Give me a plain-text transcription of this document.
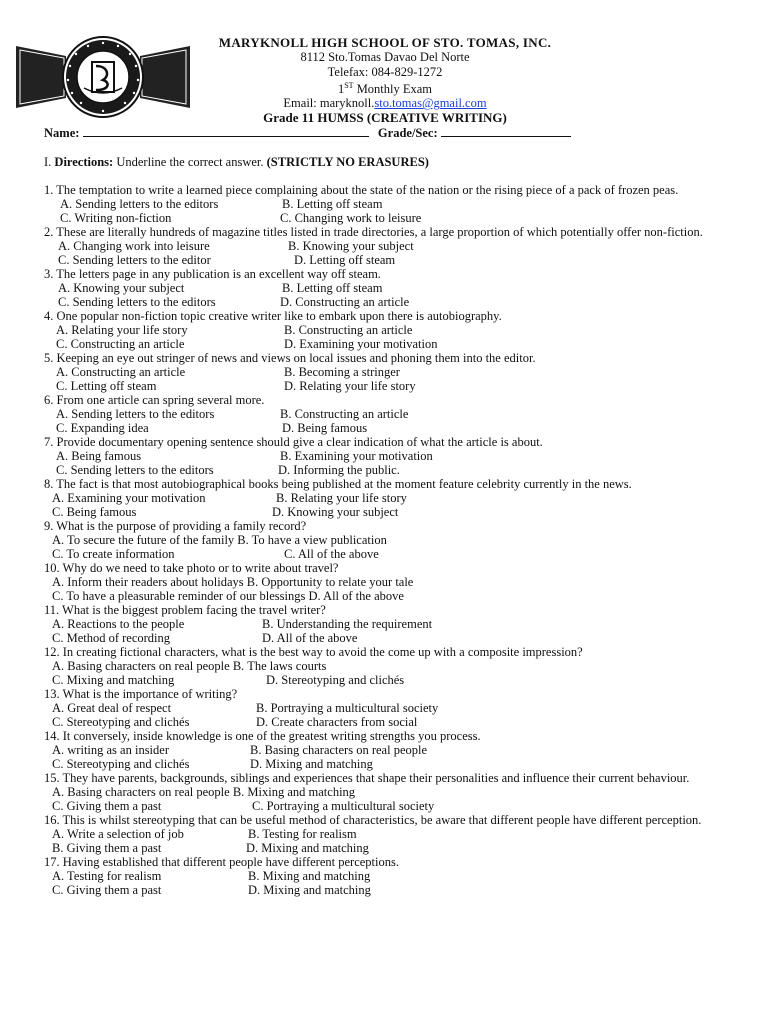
MARYKNOLL HIGH SCHOOL OF STO. TOMAS, INC.
8112 Sto.Tomas Davao Del Norte
Telefax: 084-829-1272
1ST Monthly Exam
Email: maryknoll.sto.tomas@gmail.com
Grade 11 HUMSS (CREATIVE WRITING)
Name:	Grade/Sec:
I. Directions: Underline the correct answer. (STRICTLY NO ERASURES)
1. The temptation to write a learned piece complaining about the state of the nation or the rising piece of a pack of frozen peas.
A. Sending letters to the editors	B. Letting off steam
C. Writing non-fiction	C. Changing work to leisure
2. These are literally hundreds of magazine titles listed in trade directories, a large proportion of which potentially offer non-fiction.
A. Changing work into leisure	B. Knowing your subject
C. Sending letters to the editor	D. Letting off steam
3. The letters page in any publication is an excellent way off steam.
A. Knowing your subject	B. Letting off steam
C. Sending letters to the editors	D. Constructing an article
4. One popular non-fiction topic creative writer like to embark upon there is autobiography.
A. Relating your life story	B. Constructing an article
C. Constructing an article	D. Examining your motivation
5. Keeping an eye out stringer of news and views on local issues and phoning them into the editor.
A. Constructing an article	B. Becoming a stringer
C. Letting off steam	D. Relating your life story
6. From one article can spring several more.
A. Sending letters to the editors	B. Constructing an article
C. Expanding idea	D. Being famous
7. Provide documentary opening sentence should give a clear indication of what the article is about.
A. Being famous	B. Examining your motivation
C. Sending letters to the editors	D. Informing the public.
8. The fact is that most autobiographical books being published at the moment feature celebrity currently in the news.
A. Examining your motivation	B. Relating your life story
C. Being famous	D. Knowing your subject
9. What is the purpose of providing a family record?
A. To secure the future of the family B. To have a view publication
C. To create information	C. All of the above
10. Why do we need to take photo or to write about travel?
A. Inform their readers about holidays B. Opportunity to relate your tale
C. To have a pleasurable reminder of our blessings D. All of the above
11. What is the biggest problem facing the travel writer?
A. Reactions to the people	B. Understanding the requirement
C. Method of recording	D. All of the above
12. In creating fictional characters, what is the best way to avoid the come up with a composite impression?
A. Basing characters on real people B. The laws courts
C. Mixing and matching	D. Stereotyping and clichés
13. What is the importance of writing?
A. Great deal of respect	B. Portraying a multicultural society
C. Stereotyping and clichés	D. Create characters from social
14. It conversely, inside knowledge is one of the greatest writing strengths you process.
A. writing as an insider	B. Basing characters on real people
C. Stereotyping and clichés	D. Mixing and matching
15. They have parents, backgrounds, siblings and experiences that shape their personalities and influence their current behaviour.
A. Basing characters on real people B. Mixing and matching
C. Giving them a past	C. Portraying a multicultural society
16. This is whilst stereotyping that can be useful method of characteristics, be aware that different people have different perception.
A. Write a selection of job	B. Testing for realism
B. Giving them a past	D. Mixing and matching
17. Having established that different people have different perceptions.
A. Testing for realism	B. Mixing and matching
C. Giving them a past	D. Mixing and matching
